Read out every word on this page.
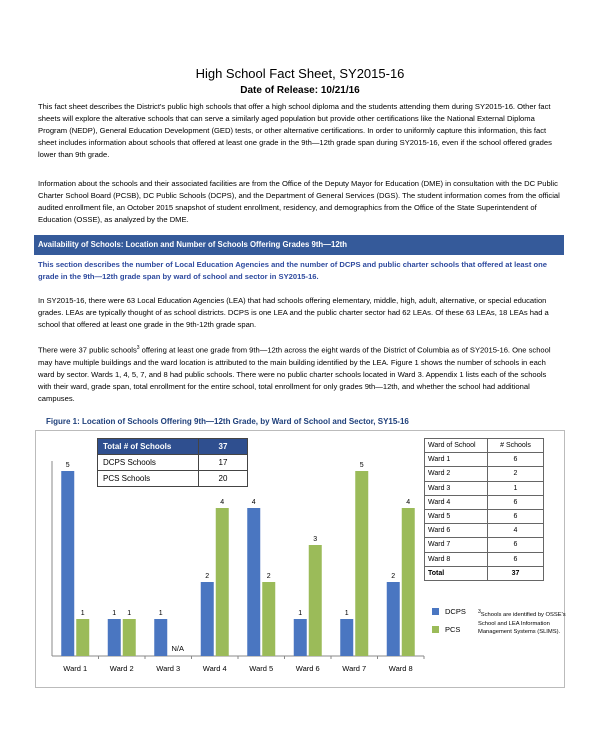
High School Fact Sheet, SY2015-16
Date of Release: 10/21/16
This fact sheet describes the District's public high schools that offer a high school diploma and the students attending them during SY2015-16. Other fact sheets will explore the alterative schools that can serve a similarly aged population but provide other certifications like the National External Diploma Program (NEDP), General Education Development (GED) tests, or other alternative certifications. In order to uniformly capture this information, this fact sheet includes information about schools that offered at least one grade in the 9th—12th grade span during SY2015-16, even if the school offered grades lower than 9th grade.
Information about the schools and their associated facilities are from the Office of the Deputy Mayor for Education (DME) in consultation with the DC Public Charter School Board (PCSB), DC Public Schools (DCPS), and the Department of General Services (DGS). The student information comes from the official audited enrollment file, an October 2015 snapshot of student enrollment, residency, and demographics from the Office of the State Superintendent of Education (OSSE), as analyzed by the DME.
Availability of Schools: Location and Number of Schools Offering Grades 9th—12th
This section describes the number of Local Education Agencies and the number of DCPS and public charter schools that offered at least one grade in the 9th—12th grade span by ward of school and sector in SY2015-16.
In SY2015-16, there were 63 Local Education Agencies (LEA) that had schools offering elementary, middle, high, adult, alternative, or special education grades. LEAs are typically thought of as school districts. DCPS is one LEA and the public charter sector had 62 LEAs. Of these 63 LEAs, 18 LEAs had a school that offered at least one grade in the 9th-12th grade span.
There were 37 public schools$^3$ offering at least one grade from 9th—12th across the eight wards of the District of Columbia as of SY2015-16. One school may have multiple buildings and the ward location is attributed to the main building identified by the LEA. Figure 1 shows the number of schools in each ward by sector. Wards 1, 4, 5, 7, and 8 had public schools. There were no public charter schools located in Ward 3. Appendix 1 lists each of the schools with their ward, grade span, total enrollment for the entire school, total enrollment for only grades 9th—12th, and whether the school had additional campuses.
Figure 1: Location of Schools Offering 9th—12th Grade, by Ward of School and Sector, SY15-16
Ward 1
5
1
Ward 2
1 1
Ward 3
1
N/A
Ward 4
2
4
Ward 5
4
2
Ward 6
1
3
Ward 7
1
5
Ward 8
2
4
Total # of Schools	37
DCPS Schools	17
PCS Schools	20
Ward of School	# Schools
Ward 1	6
Ward 2	2
Ward 3	1
Ward 4	6
Ward 5	6
Ward 6	4
Ward 7	6
Ward 8	6
Total	37
DCPS
PCS
3Schools are identified by OSSE's School and LEA Information Management Systems (SLIMS).
